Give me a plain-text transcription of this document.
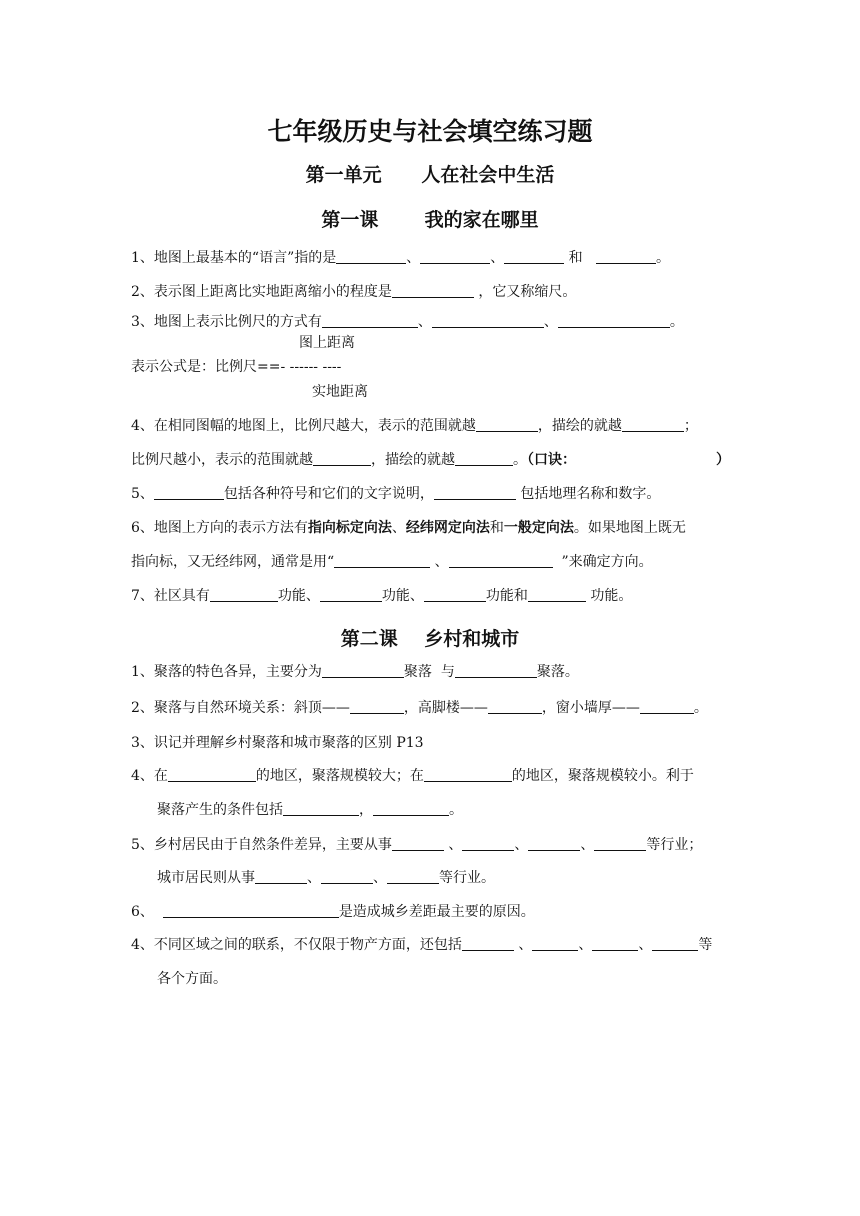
七年级历史与社会填空练习题
第一单元      人在社会中生活
第一课       我的家在哪里
1、地图上最基本的“语言”指的是	、	、	和	。
2、表示图上距离比实地距离缩小的程度是	，它又称缩尺。
3、地图上表示比例尺的方式有	、	、	。
图上距离
表示公式是：比例尺==- ------ ----
实地距离
4、在相同图幅的地图上，比例尺越大，表示的范围就越	，描绘的就越	；
比例尺越小，表示的范围就越	，描绘的就越	。（口诀：	）
5、	包括各种符号和它们的文字说明，	包括地理名称和数字。
6、地图上方向的表示方法有指向标定向法、经纬网定向法和一般定向法。如果地图上既无
指向标，又无经纬网，通常是用“	、	”来确定方向。
7、社区具有	功能、	功能、	功能和	功能。
第二课    乡村和城市
1、聚落的特色各异，主要分为	聚落  与	聚落。
2、聚落与自然环境关系：斜顶——	，高脚楼——	，窗小墙厚——	。
3、识记并理解乡村聚落和城市聚落的区别 P13
4、在	的地区，聚落规模较大；在	的地区，聚落规模较小。利于
聚落产生的条件包括	，	。
5、乡村居民由于自然条件差异，主要从事	、	、	、	等行业；
城市居民则从事	、	、	等行业。
6、	是造成城乡差距最主要的原因。
4、不同区域之间的联系，不仅限于物产方面，还包括	、	、	、	等
各个方面。
